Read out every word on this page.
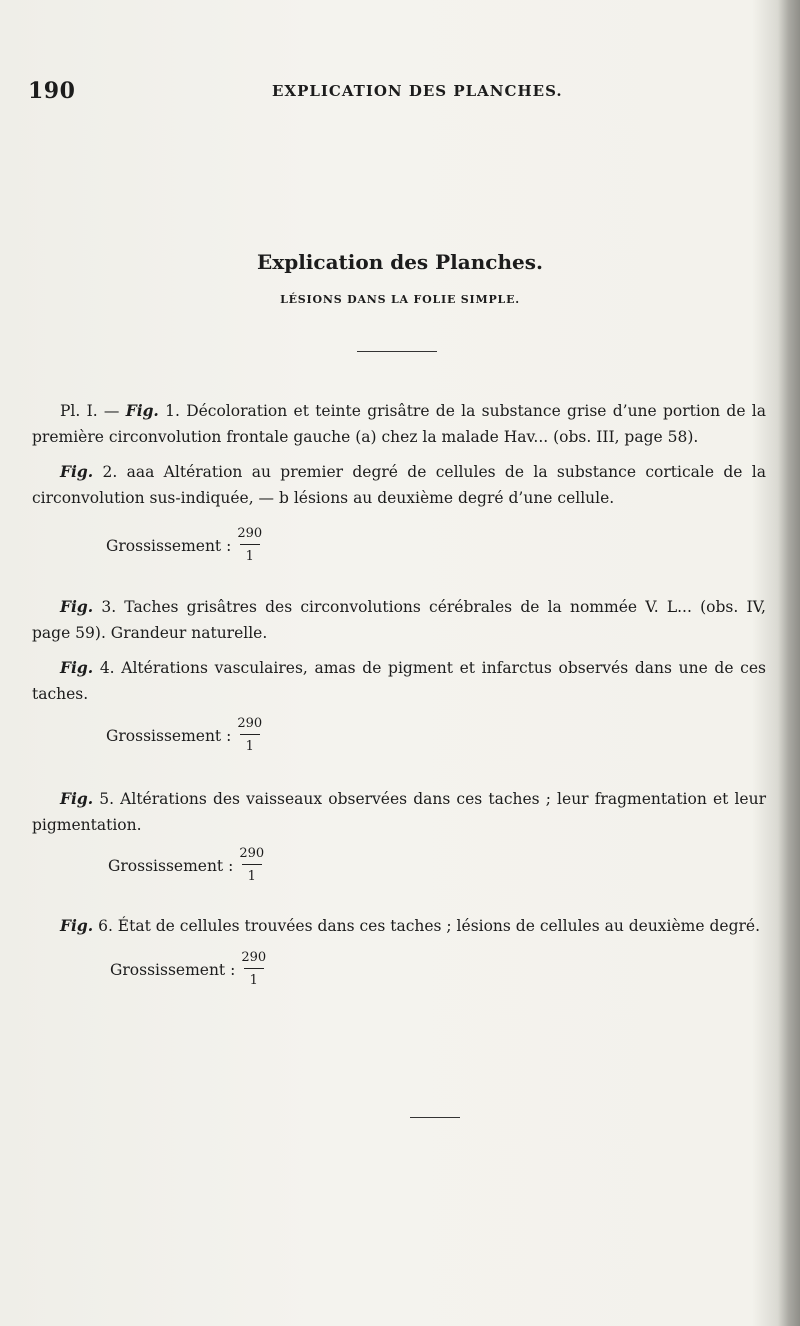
190	EXPLICATION DES PLANCHES.
Explication des Planches.
LÉSIONS DANS LA FOLIE SIMPLE.
Pl. I. — Fig. 1. Décoloration et teinte grisâtre de la substance grise d’une portion de la première circonvolution frontale gauche (a) chez la malade Hav... (obs. III, page 58).
Fig. 2. aaa Altération au premier degré de cellules de la substance corticale de la circonvolution sus-indiquée, — b lésions au deuxième degré d’une cellule.
Grossissement : $\frac{290}{1}$
Fig. 3. Taches grisâtres des circonvolutions cérébrales de la nommée V. L... (obs. IV, page 59). Grandeur naturelle.
Fig. 4. Altérations vasculaires, amas de pigment et infarctus observés dans une de ces taches.
Grossissement : $\frac{290}{1}$
Fig. 5. Altérations des vaisseaux observées dans ces taches ; leur fragmentation et leur pigmentation.
Grossissement : $\frac{290}{1}$
Fig. 6. État de cellules trouvées dans ces taches ; lésions de cellules au deuxième degré.
Grossissement : $\frac{290}{1}$
